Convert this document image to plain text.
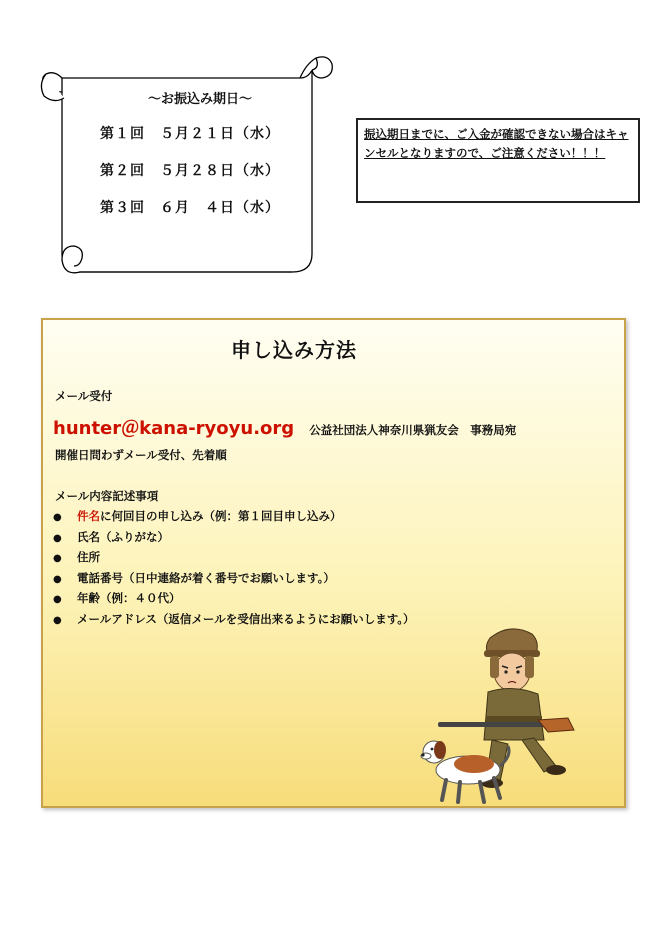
～お振込み期日～
第１回　５月２１日（水）
第２回　５月２８日（水）
第３回　６月　４日（水）
振込期日までに、ご入金が確認できない場合はキャンセルとなりますので、ご注意ください！！！
申し込み方法
メール受付
hunter＠kana-ryoyu.org 公益社団法人神奈川県猟友会　事務局宛
開催日問わずメール受付、先着順
メール内容記述事項
● 件名に何回目の申し込み（例：第１回目申し込み）
● 氏名（ふりがな）
● 住所
● 電話番号（日中連絡が着く番号でお願いします。）
● 年齢（例：４０代）
● メールアドレス（返信メールを受信出来るようにお願いします。）
